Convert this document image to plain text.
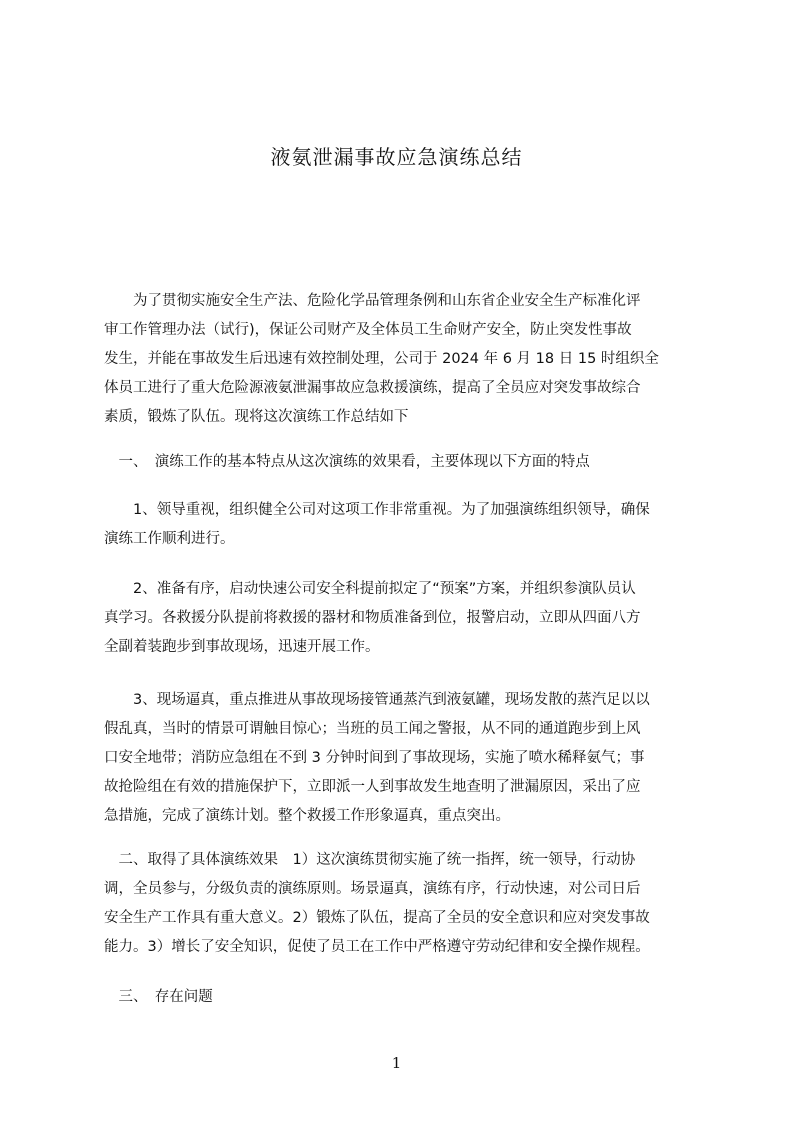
液氨泄漏事故应急演练总结
　　为了贯彻实施安全生产法、危险化学品管理条例和山东省企业安全生产标准化评
审工作管理办法（试行)，保证公司财产及全体员工生命财产安全，防止突发性事故
发生，并能在事故发生后迅速有效控制处理，公司于 2024 年 6 月 18 日 15 时组织全
体员工进行了重大危险源液氨泄漏事故应急救援演练，提高了全员应对突发事故综合
素质，锻炼了队伍。现将这次演练工作总结如下
　一、　演练工作的基本特点从这次演练的效果看，主要体现以下方面的特点
　　1、领导重视，组织健全公司对这项工作非常重视。为了加强演练组织领导，确保
演练工作顺利进行。
　　2、准备有序，启动快速公司安全科提前拟定了“预案”方案，并组织参演队员认
真学习。各救援分队提前将救援的器材和物质准备到位，报警启动，立即从四面八方
全副着装跑步到事故现场，迅速开展工作。
　　3、现场逼真，重点推进从事故现场接管通蒸汽到液氨罐，现场发散的蒸汽足以以
假乱真，当时的情景可谓触目惊心；当班的员工闻之警报，从不同的通道跑步到上风
口安全地带；消防应急组在不到 3 分钟时间到了事故现场，实施了喷水稀释氨气；事
故抢险组在有效的措施保护下，立即派一人到事故发生地查明了泄漏原因，采出了应
急措施，完成了演练计划。整个救援工作形象逼真，重点突出。
　二、取得了具体演练效果　1）这次演练贯彻实施了统一指挥，统一领导，行动协
调，全员参与，分级负责的演练原则。场景逼真，演练有序，行动快速，对公司日后
安全生产工作具有重大意义。2）锻炼了队伍，提高了全员的安全意识和应对突发事故
能力。3）增长了安全知识，促使了员工在工作中严格遵守劳动纪律和安全操作规程。
　三、　存在问题
1
